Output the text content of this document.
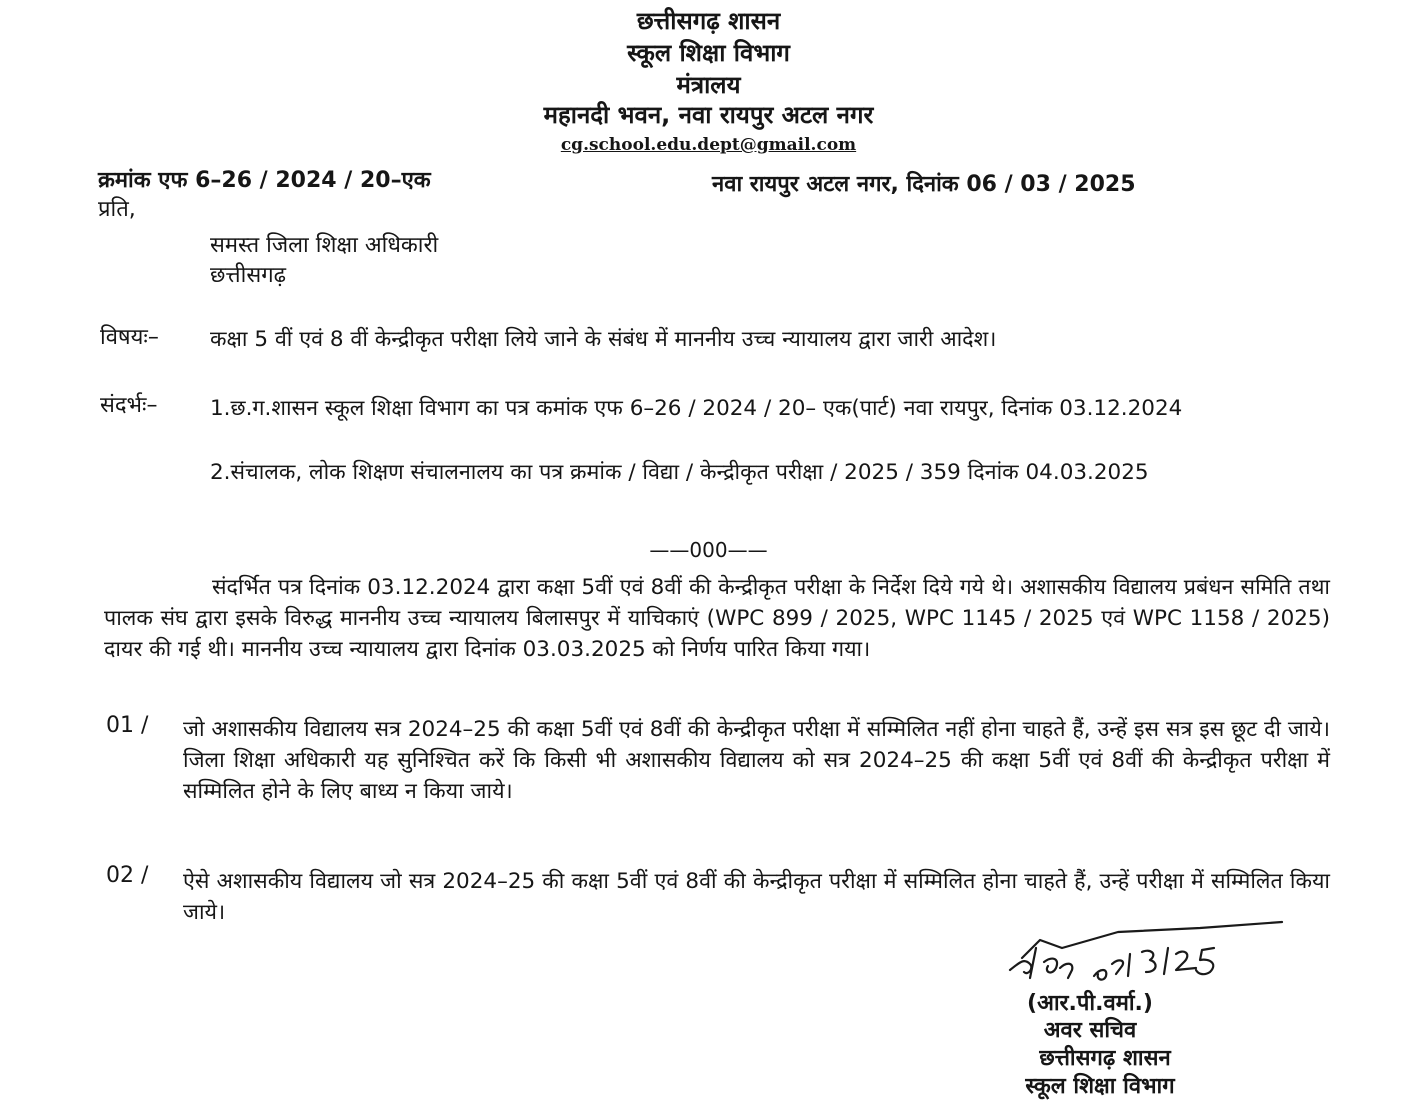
छत्तीसगढ़ शासन
स्कूल शिक्षा विभाग
मंत्रालय
महानदी भवन, नवा रायपुर अटल नगर
cg.school.edu.dept@gmail.com
क्रमांक एफ 6–26 / 2024 / 20–एक	नवा रायपुर अटल नगर, दिनांक 06 / 03 / 2025
प्रति,
समस्त जिला शिक्षा अधिकारी
छत्तीसगढ़
विषयः– कक्षा 5 वीं एवं 8 वीं केन्द्रीकृत परीक्षा लिये जाने के संबंध में माननीय उच्च न्यायालय द्वारा जारी आदेश।
संदर्भः– 1.छ.ग.शासन स्कूल शिक्षा विभाग का पत्र कमांक एफ 6–26 / 2024 / 20– एक(पार्ट) नवा रायपुर, दिनांक 03.12.2024
2.संचालक, लोक शिक्षण संचालनालय का पत्र क्रमांक / विद्या / केन्द्रीकृत परीक्षा / 2025 / 359 दिनांक 04.03.2025
——000——
संदर्भित पत्र दिनांक 03.12.2024 द्वारा कक्षा 5वीं एवं 8वीं की केन्द्रीकृत परीक्षा के निर्देश दिये गये थे। अशासकीय विद्यालय प्रबंधन समिति तथा पालक संघ द्वारा इसके विरुद्ध माननीय उच्च न्यायालय बिलासपुर में याचिकाएं (WPC 899 / 2025, WPC 1145 / 2025 एवं WPC 1158 / 2025) दायर की गई थी। माननीय उच्च न्यायालय द्वारा दिनांक 03.03.2025 को निर्णय पारित किया गया।
01 / जो अशासकीय विद्यालय सत्र 2024–25 की कक्षा 5वीं एवं 8वीं की केन्द्रीकृत परीक्षा में सम्मिलित नहीं होना चाहते हैं, उन्हें इस सत्र इस छूट दी जाये। जिला शिक्षा अधिकारी यह सुनिश्चित करें कि किसी भी अशासकीय विद्यालय को सत्र 2024–25 की कक्षा 5वीं एवं 8वीं की केन्द्रीकृत परीक्षा में सम्मिलित होने के लिए बाध्य न किया जाये।
02 / ऐसे अशासकीय विद्यालय जो सत्र 2024–25 की कक्षा 5वीं एवं 8वीं की केन्द्रीकृत परीक्षा में सम्मिलित होना चाहते हैं, उन्हें परीक्षा में सम्मिलित किया जाये।
(आर.पी.वर्मा.)
अवर सचिव
छत्तीसगढ़ शासन
स्कूल शिक्षा विभाग
